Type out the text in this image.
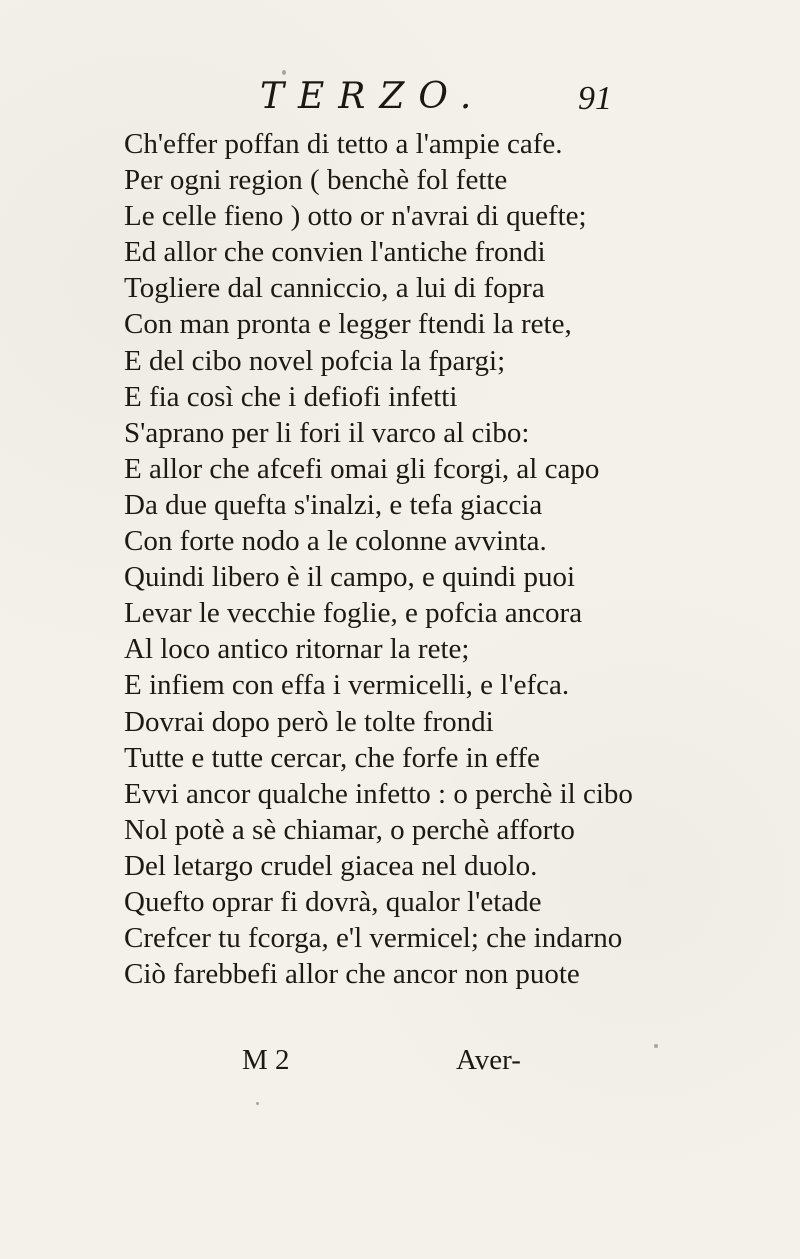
TERZO.	91
Ch'effer poffan di tetto a l'ampie cafe.
Per ogni region ( benchè fol fette
Le celle fieno ) otto or n'avrai di quefte;
Ed allor che convien l'antiche frondi
Togliere dal canniccio, a lui di fopra
Con man pronta e legger ftendi la rete,
E del cibo novel pofcia la fpargi;
E fia così che i defiofi infetti
S'aprano per li fori il varco al cibo:
E allor che afcefi omai gli fcorgi, al capo
Da due quefta s'inalzi, e tefa giaccia
Con forte nodo a le colonne avvinta.
Quindi libero è il campo, e quindi puoi
Levar le vecchie foglie, e pofcia ancora
Al loco antico ritornar la rete;
E infiem con effa i vermicelli, e l'efca.
Dovrai dopo però le tolte frondi
Tutte e tutte cercar, che forfe in effe
Evvi ancor qualche infetto : o perchè il cibo
Nol potè a sè chiamar, o perchè afforto
Del letargo crudel giacea nel duolo.
Quefto oprar fi dovrà, qualor l'etade
Crefcer tu fcorga, e'l vermicel; che indarno
Ciò farebbefi allor che ancor non puote
M 2	Aver-
